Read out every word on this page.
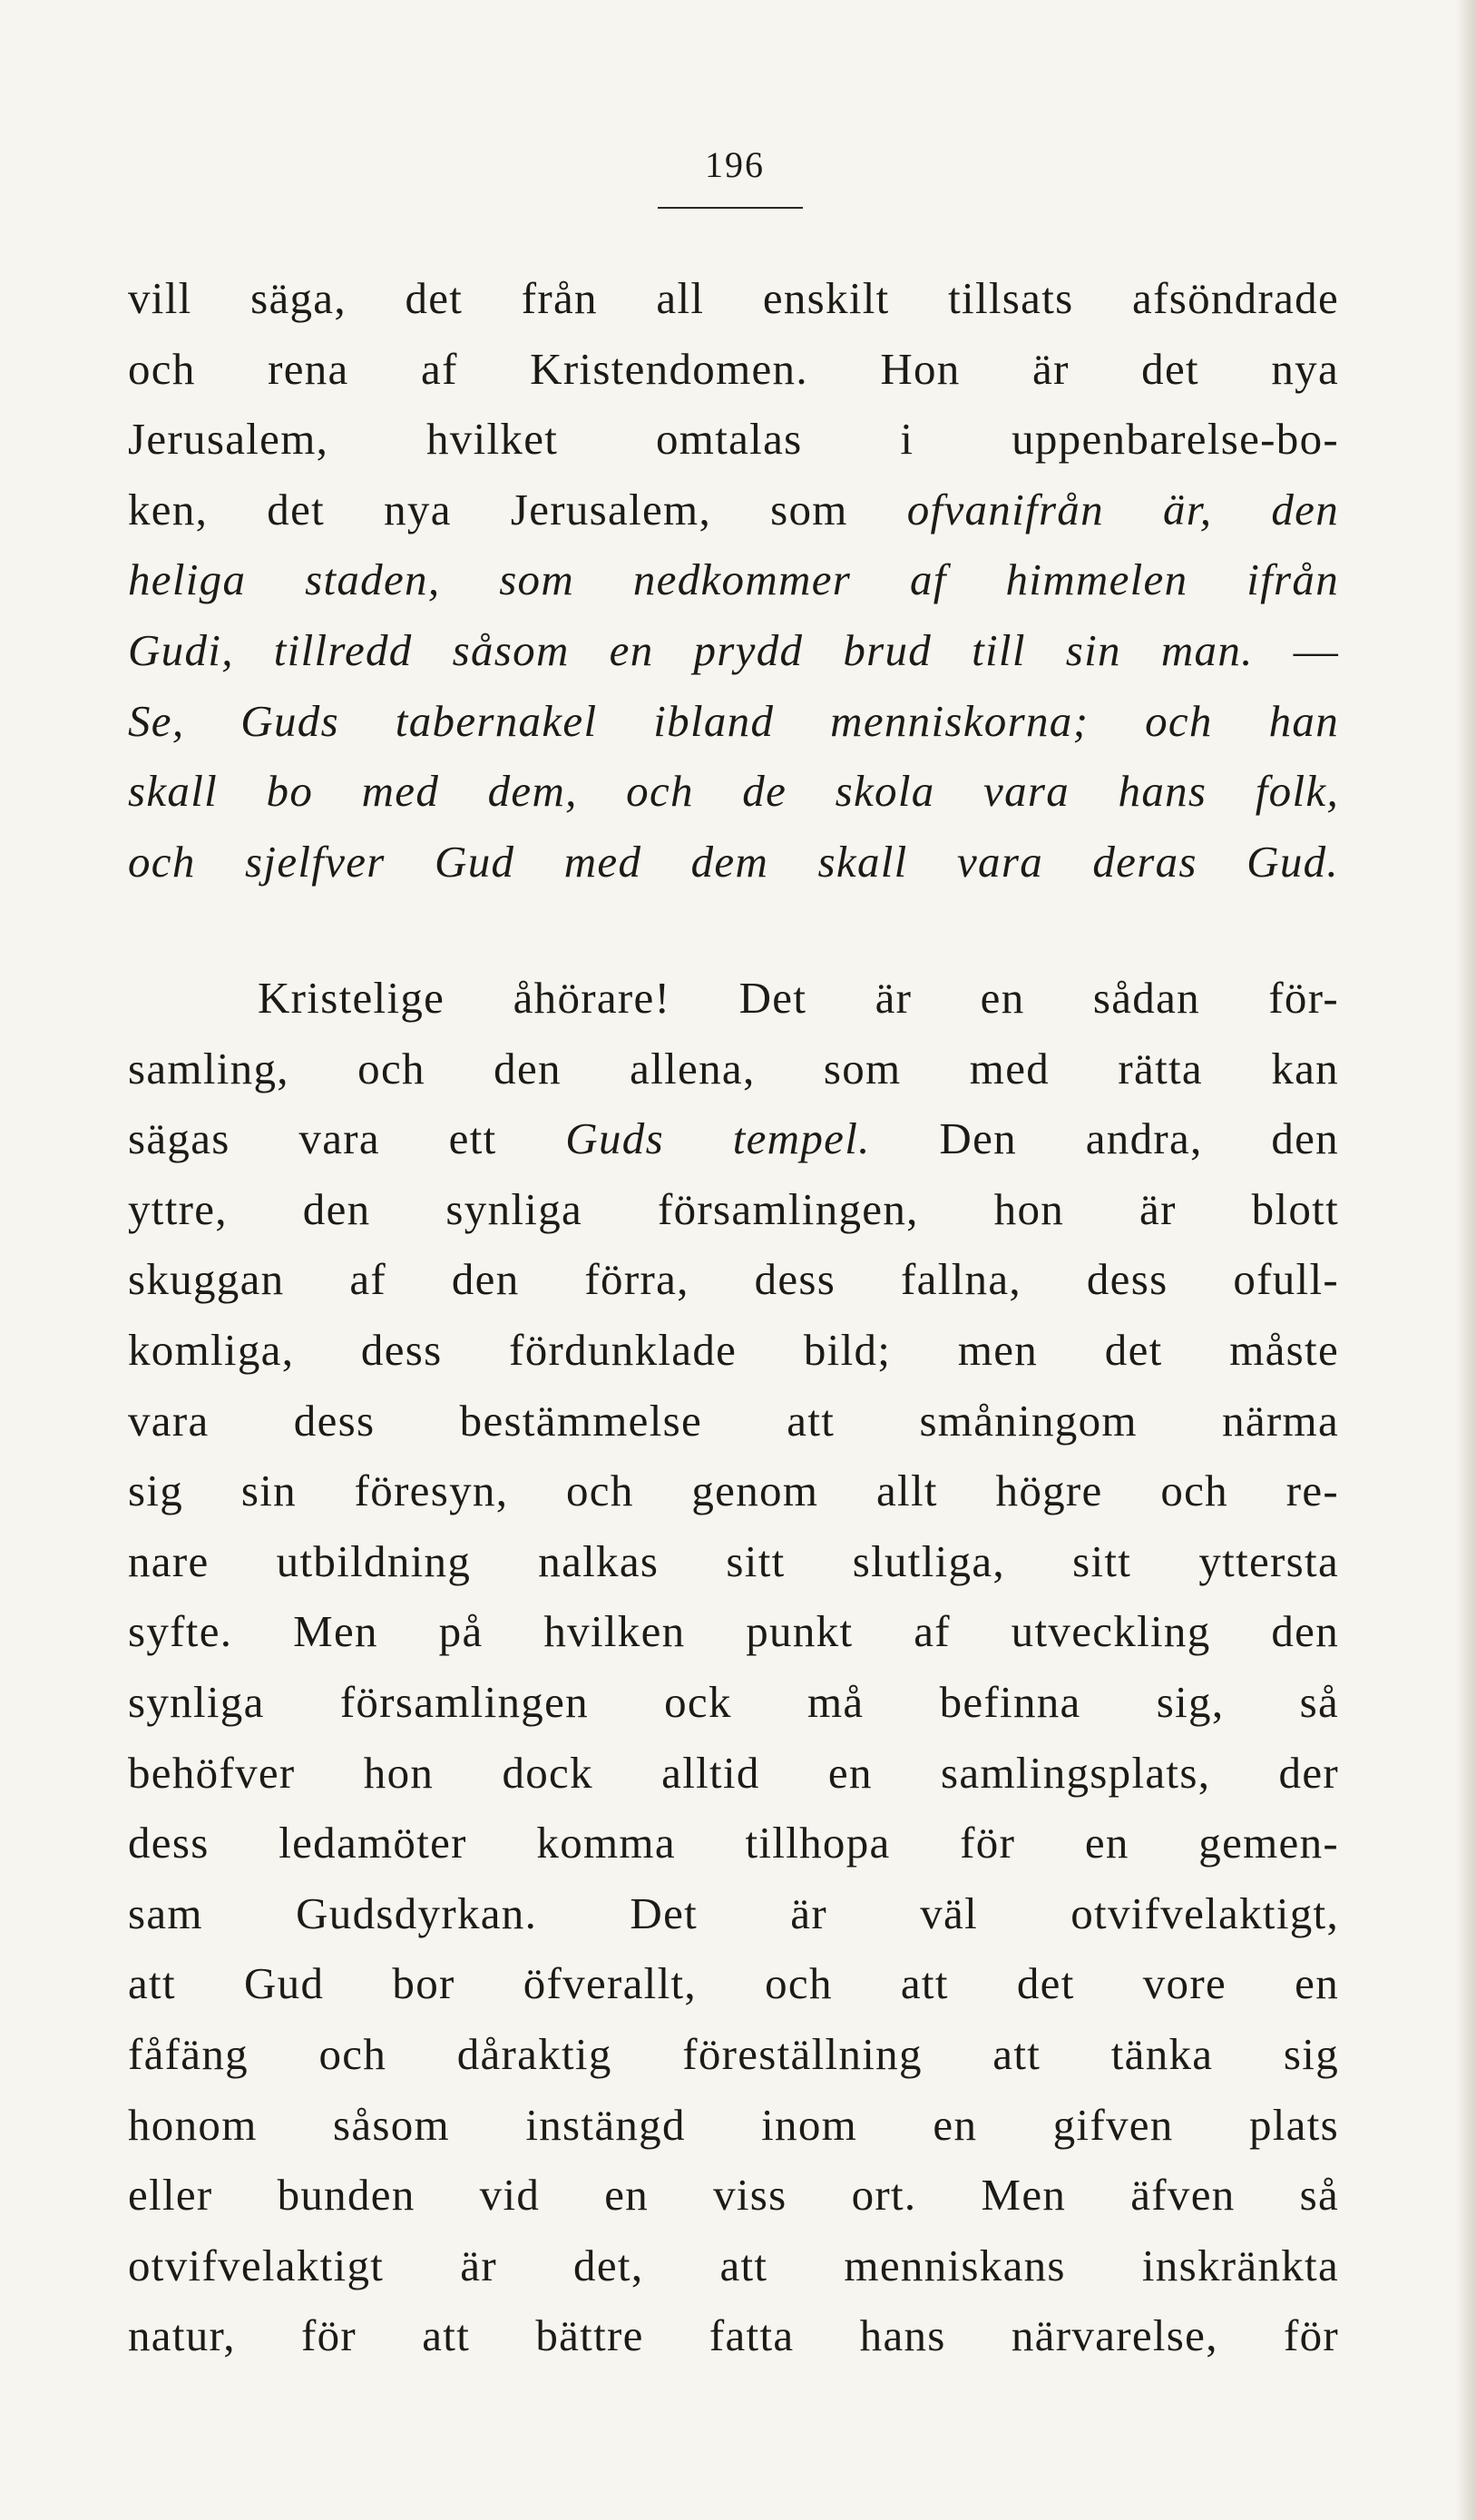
196
vill säga, det från all enskilt tillsats afsöndrade
och rena af Kristendomen. Hon är det nya
Jerusalem, hvilket omtalas i uppenbarelse-bo-
ken, det nya Jerusalem, som ofvanifrån är, den
heliga staden, som nedkommer af himmelen ifrån
Gudi, tillredd såsom en prydd brud till sin man. —
Se, Guds tabernakel ibland menniskorna; och han
skall bo med dem, och de skola vara hans folk,
och sjelfver Gud med dem skall vara deras Gud.
Kristelige åhörare! Det är en sådan för-
samling, och den allena, som med rätta kan
sägas vara ett Guds tempel. Den andra, den
yttre, den synliga församlingen, hon är blott
skuggan af den förra, dess fallna, dess ofull-
komliga, dess fördunklade bild; men det måste
vara dess bestämmelse att småningom närma
sig sin föresyn, och genom allt högre och re-
nare utbildning nalkas sitt slutliga, sitt yttersta
syfte. Men på hvilken punkt af utveckling den
synliga församlingen ock må befinna sig, så
behöfver hon dock alltid en samlingsplats, der
dess ledamöter komma tillhopa för en gemen-
sam Gudsdyrkan. Det är väl otvifvelaktigt,
att Gud bor öfverallt, och att det vore en
fåfäng och dåraktig föreställning att tänka sig
honom såsom instängd inom en gifven plats
eller bunden vid en viss ort. Men äfven så
otvifvelaktigt är det, att menniskans inskränkta
natur, för att bättre fatta hans närvarelse, för
